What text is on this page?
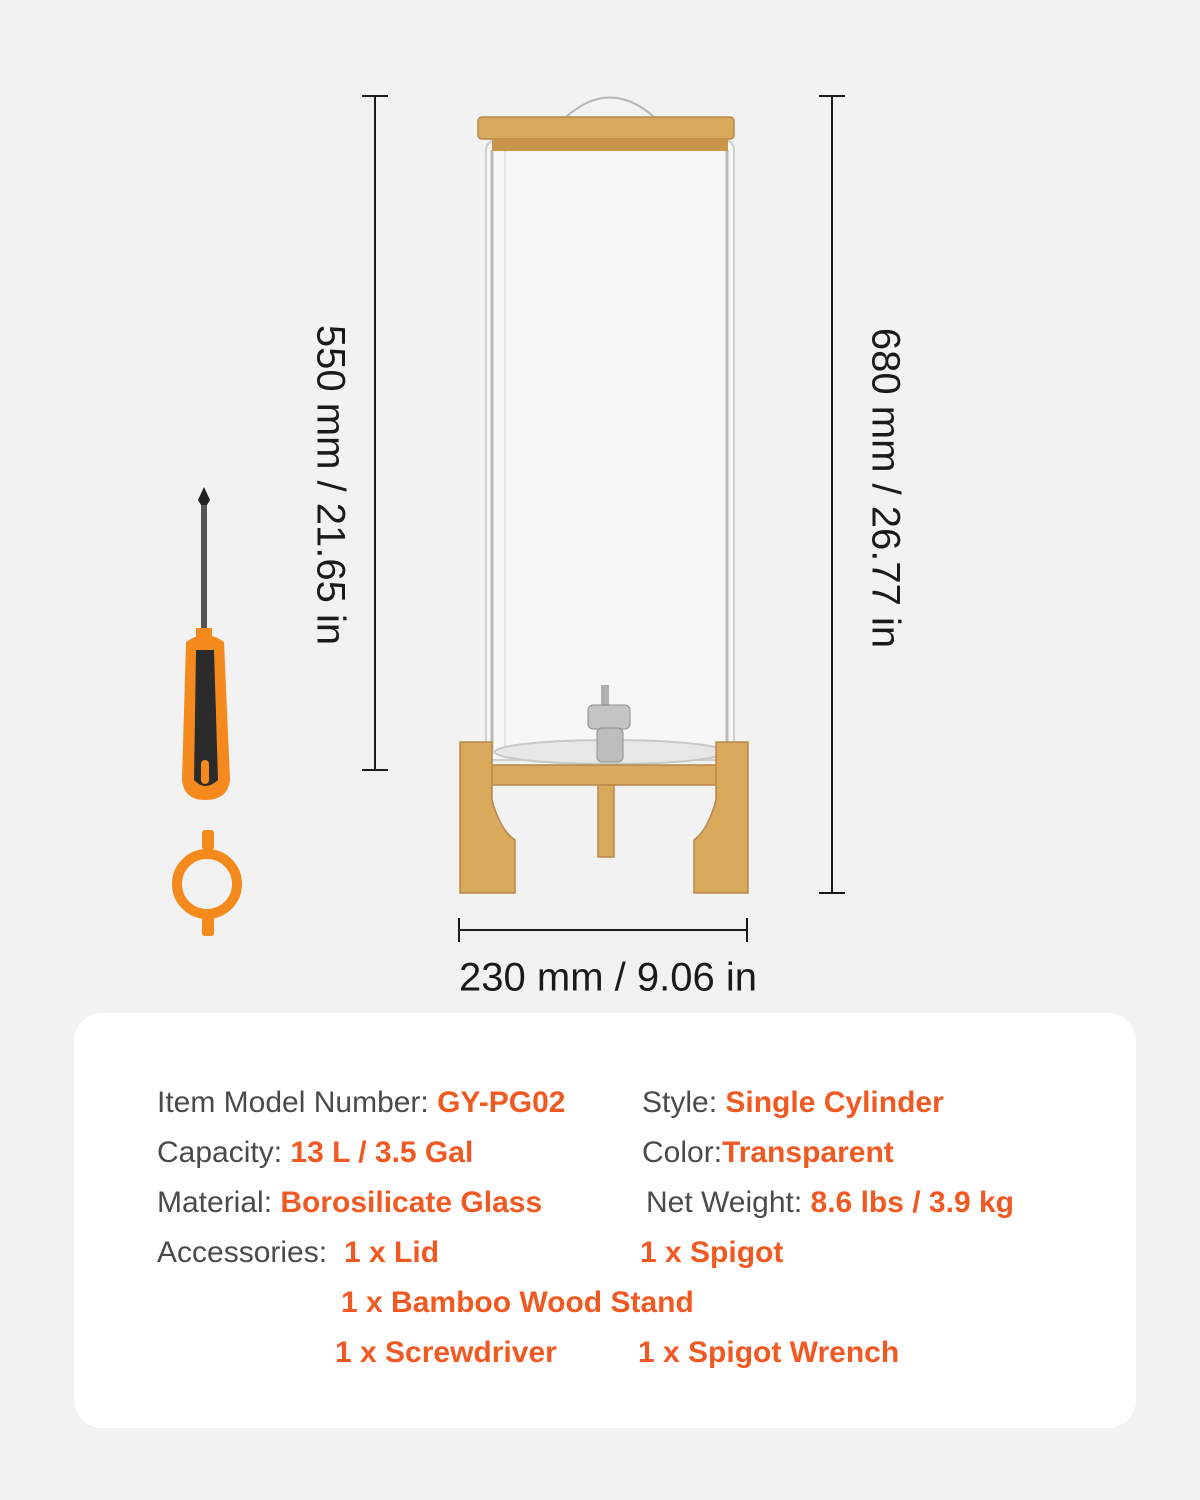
550 mm / 21.65 in	680 mm / 26.77 in
230 mm / 9.06 in
Item Model Number: GY-PG02	Style: Single Cylinder
Capacity: 13 L / 3.5 Gal	Color:Transparent
Material: Borosilicate Glass	Net Weight: 8.6 lbs / 3.9 kg
Accessories: 1 x Lid	1 x Spigot
1 x Bamboo Wood Stand
1 x Screwdriver	1 x Spigot Wrench
